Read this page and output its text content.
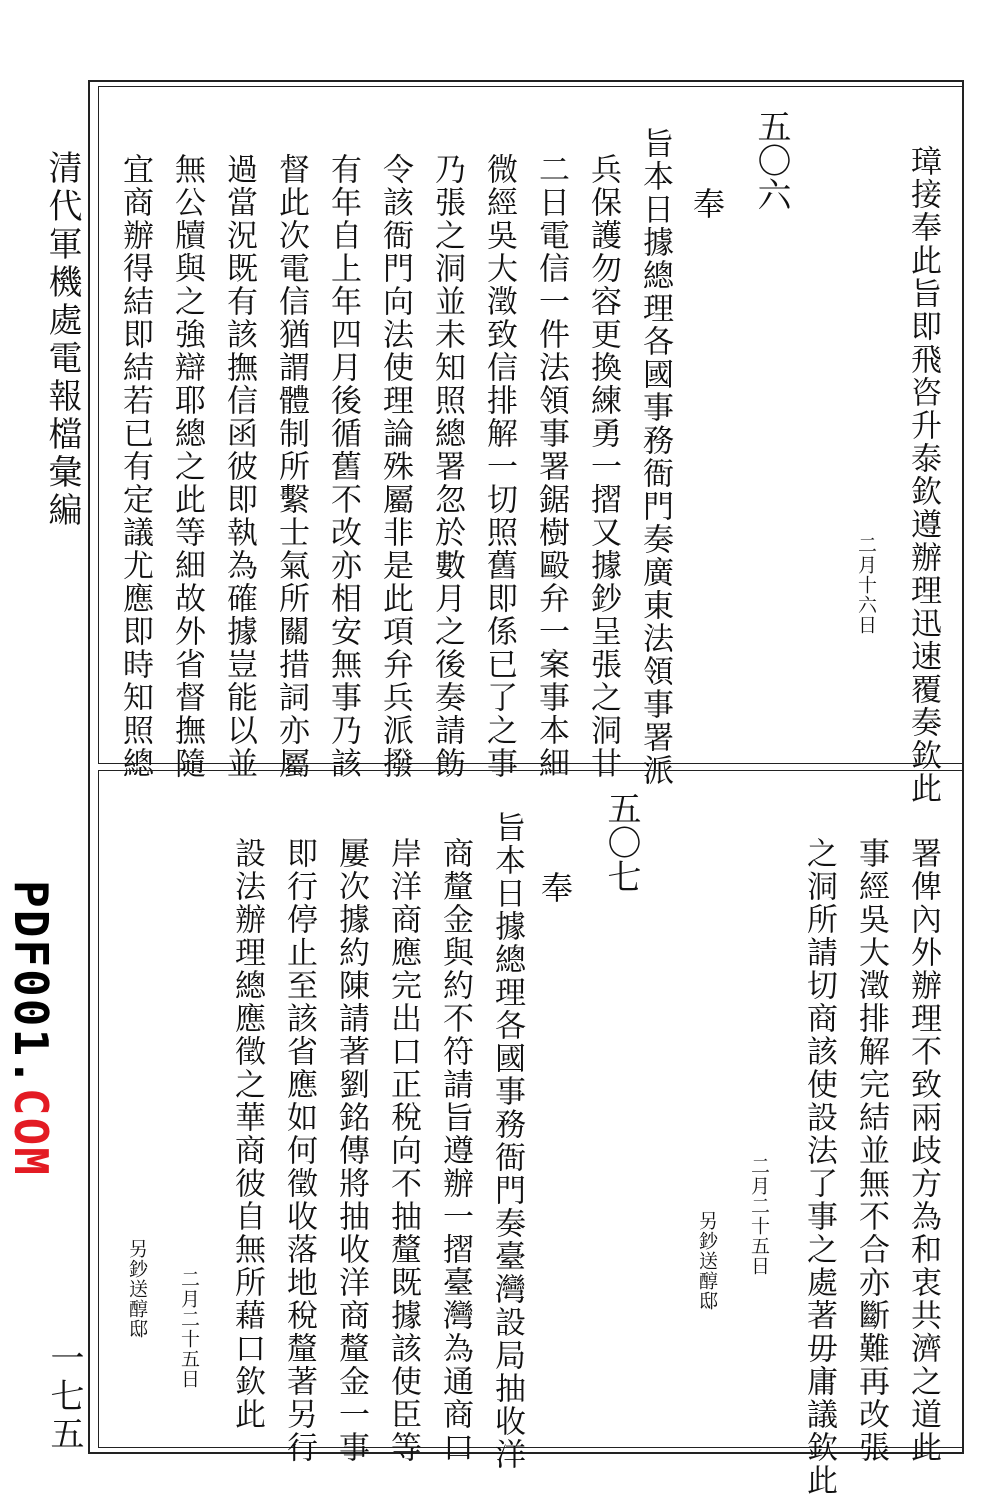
清代軍機處電報檔彙編
PDF001.COM
一七五
璋接奉此旨即飛咨升泰欽遵辦理迅速覆奏欽此
二月十六日
五〇六
奉
旨本日據總理各國事務衙門奏廣東法領事署派
兵保護勿容更換練勇一摺又據鈔呈張之洞廿
二日電信一件法領事署鋸樹毆弁一案事本細
微經吳大澂致信排解一切照舊即係已了之事
乃張之洞並未知照總署忽於數月之後奏請飭
令該衙門向法使理論殊屬非是此項弁兵派撥
有年自上年四月後循舊不改亦相安無事乃該
督此次電信猶謂體制所繫士氣所關措詞亦屬
過當況既有該撫信函彼即執為確據豈能以並
無公牘與之強辯耶總之此等細故外省督撫隨
宜商辦得結即結若已有定議尤應即時知照總
署俾內外辦理不致兩歧方為和衷共濟之道此
事經吳大澂排解完結並無不合亦斷難再改張
之洞所請切商該使設法了事之處著毋庸議欽此
二月二十五日
另鈔送醇邸
五〇七
奉
旨本日據總理各國事務衙門奏臺灣設局抽收洋
商釐金與約不符請旨遵辦一摺臺灣為通商口
岸洋商應完出口正稅向不抽釐既據該使臣等
屢次據約陳請著劉銘傳將抽收洋商釐金一事
即行停止至該省應如何徵收落地稅釐著另行
設法辦理總應徵之華商彼自無所藉口欽此
二月二十五日
另鈔送醇邸
